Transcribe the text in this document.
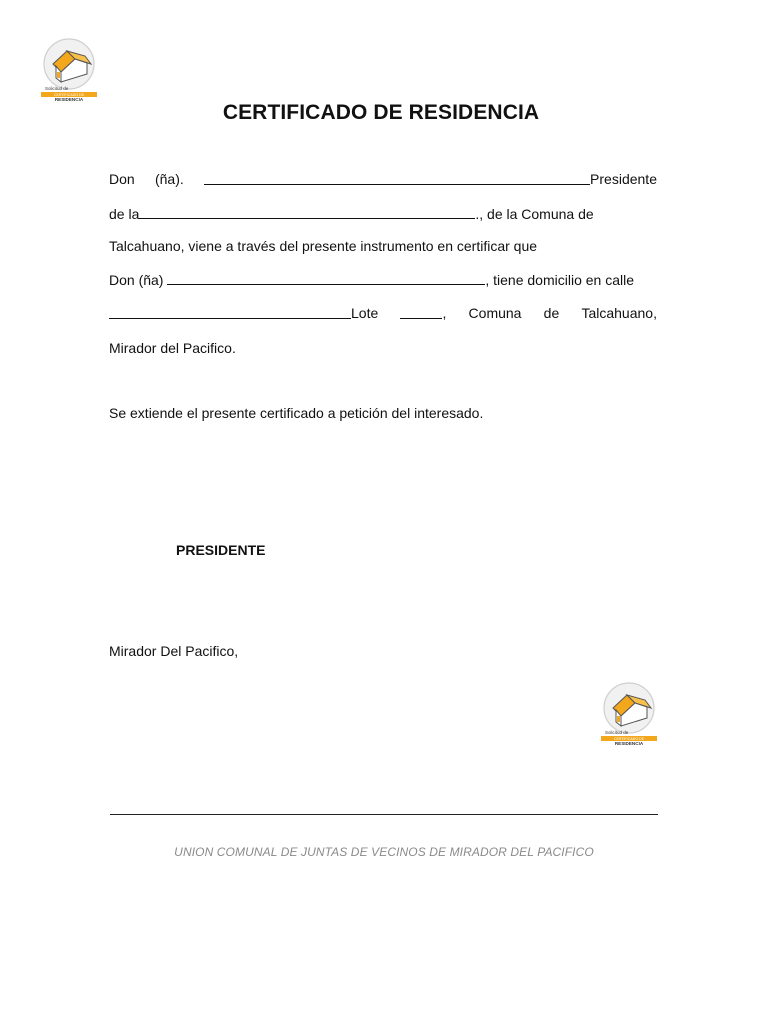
Solicitud de
CERTIFICADO DE
RESIDENCIA
CERTIFICADO DE RESIDENCIA
Don (ña).	Presidente
de la	., de la Comuna de
Talcahuano, viene a través del presente instrumento en certificar que
Don (ña)	, tiene domicilio en calle
Lote	, Comuna de Talcahuano,
Mirador del Pacifico.
Se extiende el presente certificado a petición del interesado.
PRESIDENTE
Mirador Del Pacifico,
Solicitud de
CERTIFICADO DE
RESIDENCIA
UNION COMUNAL DE JUNTAS DE VECINOS DE MIRADOR DEL PACIFICO
